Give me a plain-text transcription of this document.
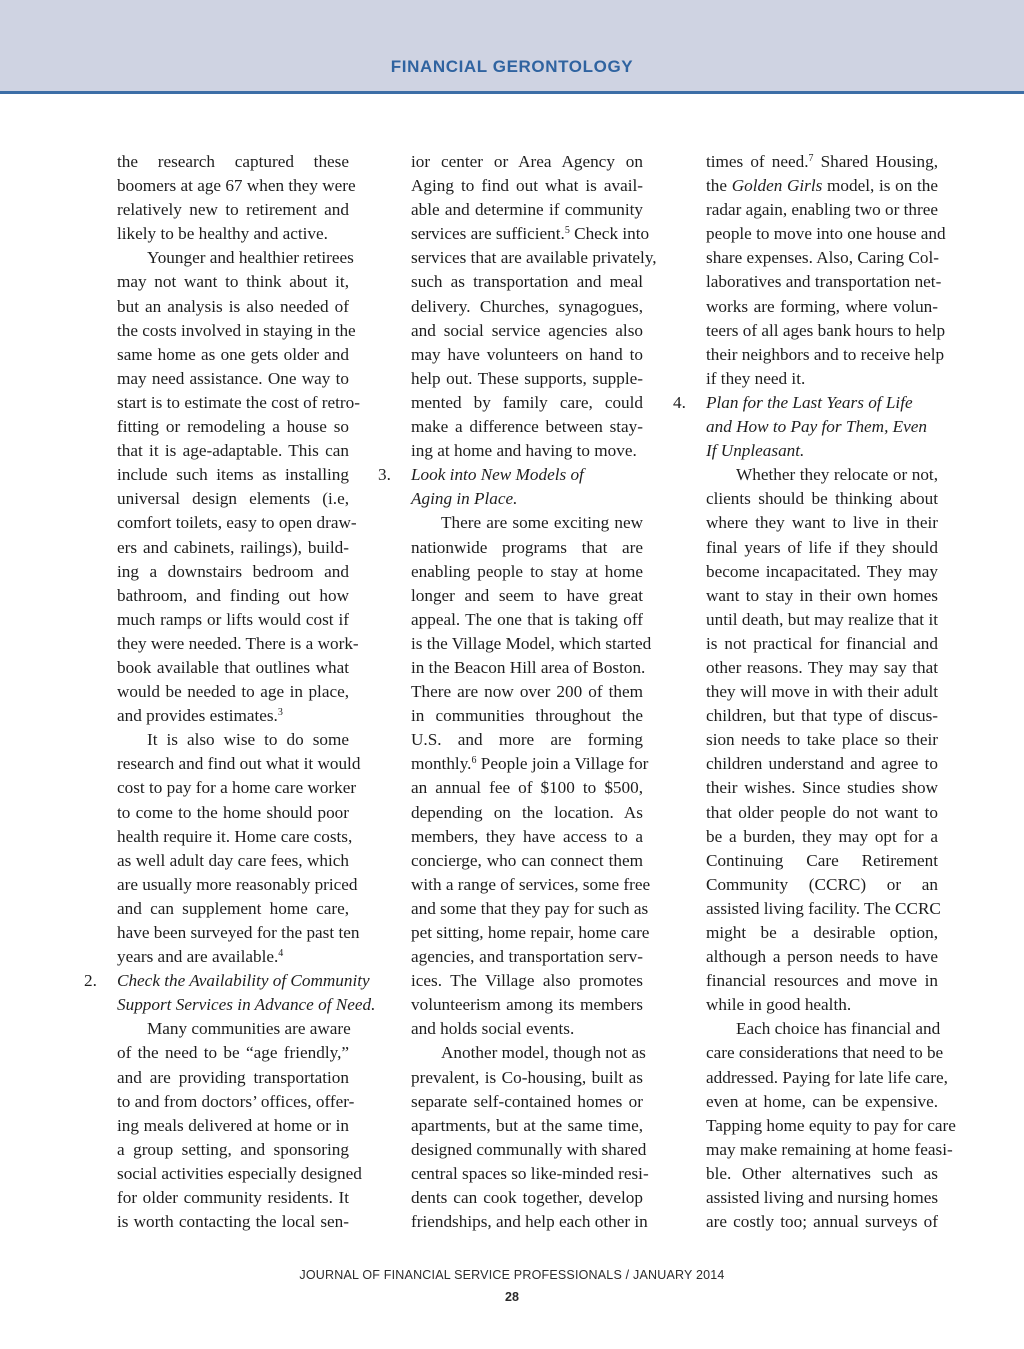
FINANCIAL GERONTOLOGY
the research captured these
boomers at age 67 when they were
relatively new to retirement and
likely to be healthy and active.
Younger and healthier retirees
may not want to think about it,
but an analysis is also needed of
the costs involved in staying in the
same home as one gets older and
may need assistance. One way to
start is to estimate the cost of retro-
fitting or remodeling a house so
that it is age-adaptable. This can
include such items as installing
universal design elements (i.e,
comfort toilets, easy to open draw-
ers and cabinets, railings), build-
ing a downstairs bedroom and
bathroom, and finding out how
much ramps or lifts would cost if
they were needed. There is a work-
book available that outlines what
would be needed to age in place,
and provides estimates.$^3$
It is also wise to do some
research and find out what it would
cost to pay for a home care worker
to come to the home should poor
health require it. Home care costs,
as well adult day care fees, which
are usually more reasonably priced
and can supplement home care,
have been surveyed for the past ten
years and are available.$^4$
2. Check the Availability of Community
Support Services in Advance of Need.
Many communities are aware
of the need to be “age friendly,”
and are providing transportation
to and from doctors’ offices, offer-
ing meals delivered at home or in
a group setting, and sponsoring
social activities especially designed
for older community residents. It
is worth contacting the local sen-
ior center or Area Agency on
Aging to find out what is avail-
able and determine if community
services are sufficient.$^5$ Check into
services that are available privately,
such as transportation and meal
delivery. Churches, synagogues,
and social service agencies also
may have volunteers on hand to
help out. These supports, supple-
mented by family care, could
make a difference between stay-
ing at home and having to move.
3. Look into New Models of
Aging in Place.
There are some exciting new
nationwide programs that are
enabling people to stay at home
longer and seem to have great
appeal. The one that is taking off
is the Village Model, which started
in the Beacon Hill area of Boston.
There are now over 200 of them
in communities throughout the
U.S. and more are forming
monthly.$^6$ People join a Village for
an annual fee of $100 to $500,
depending on the location. As
members, they have access to a
concierge, who can connect them
with a range of services, some free
and some that they pay for such as
pet sitting, home repair, home care
agencies, and transportation serv-
ices. The Village also promotes
volunteerism among its members
and holds social events.
Another model, though not as
prevalent, is Co-housing, built as
separate self-contained homes or
apartments, but at the same time,
designed communally with shared
central spaces so like-minded resi-
dents can cook together, develop
friendships, and help each other in
times of need.$^7$ Shared Housing,
the Golden Girls model, is on the
radar again, enabling two or three
people to move into one house and
share expenses. Also, Caring Col-
laboratives and transportation net-
works are forming, where volun-
teers of all ages bank hours to help
their neighbors and to receive help
if they need it.
4. Plan for the Last Years of Life
and How to Pay for Them, Even
If Unpleasant.
Whether they relocate or not,
clients should be thinking about
where they want to live in their
final years of life if they should
become incapacitated. They may
want to stay in their own homes
until death, but may realize that it
is not practical for financial and
other reasons. They may say that
they will move in with their adult
children, but that type of discus-
sion needs to take place so their
children understand and agree to
their wishes. Since studies show
that older people do not want to
be a burden, they may opt for a
Continuing Care Retirement
Community (CCRC) or an
assisted living facility. The CCRC
might be a desirable option,
although a person needs to have
financial resources and move in
while in good health.
Each choice has financial and
care considerations that need to be
addressed. Paying for late life care,
even at home, can be expensive.
Tapping home equity to pay for care
may make remaining at home feasi-
ble. Other alternatives such as
assisted living and nursing homes
are costly too; annual surveys of
JOURNAL OF FINANCIAL SERVICE PROFESSIONALS / JANUARY 2014
28
